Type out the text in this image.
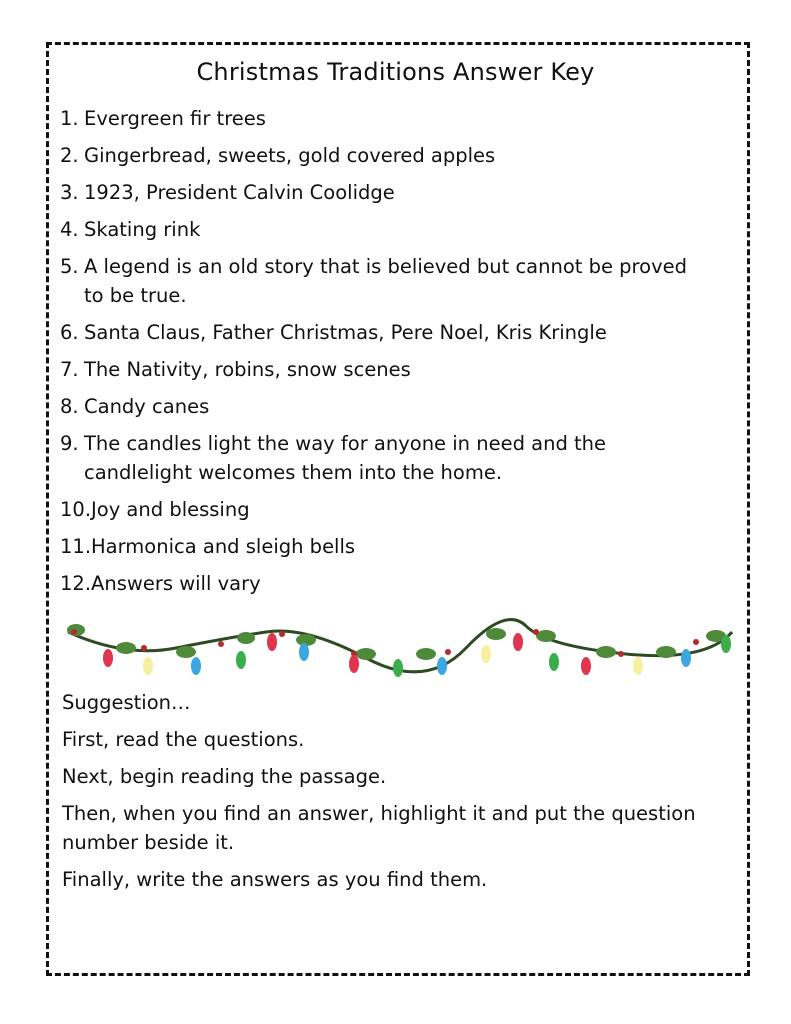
Christmas Traditions Answer Key
1. Evergreen fir trees
2. Gingerbread, sweets, gold covered apples
3. 1923, President Calvin Coolidge
4. Skating rink
5. A legend is an old story that is believed but cannot be proved to be true.
6. Santa Claus, Father Christmas, Pere Noel, Kris Kringle
7. The Nativity, robins, snow scenes
8. Candy canes
9. The candles light the way for anyone in need and the candlelight welcomes them into the home.
10. Joy and blessing
11. Harmonica and sleigh bells
12. Answers will vary

Suggestion…

First, read the questions.

Next, begin reading the passage.

Then, when you find an answer, highlight it and put the question number beside it.

Finally, write the answers as you find them.
